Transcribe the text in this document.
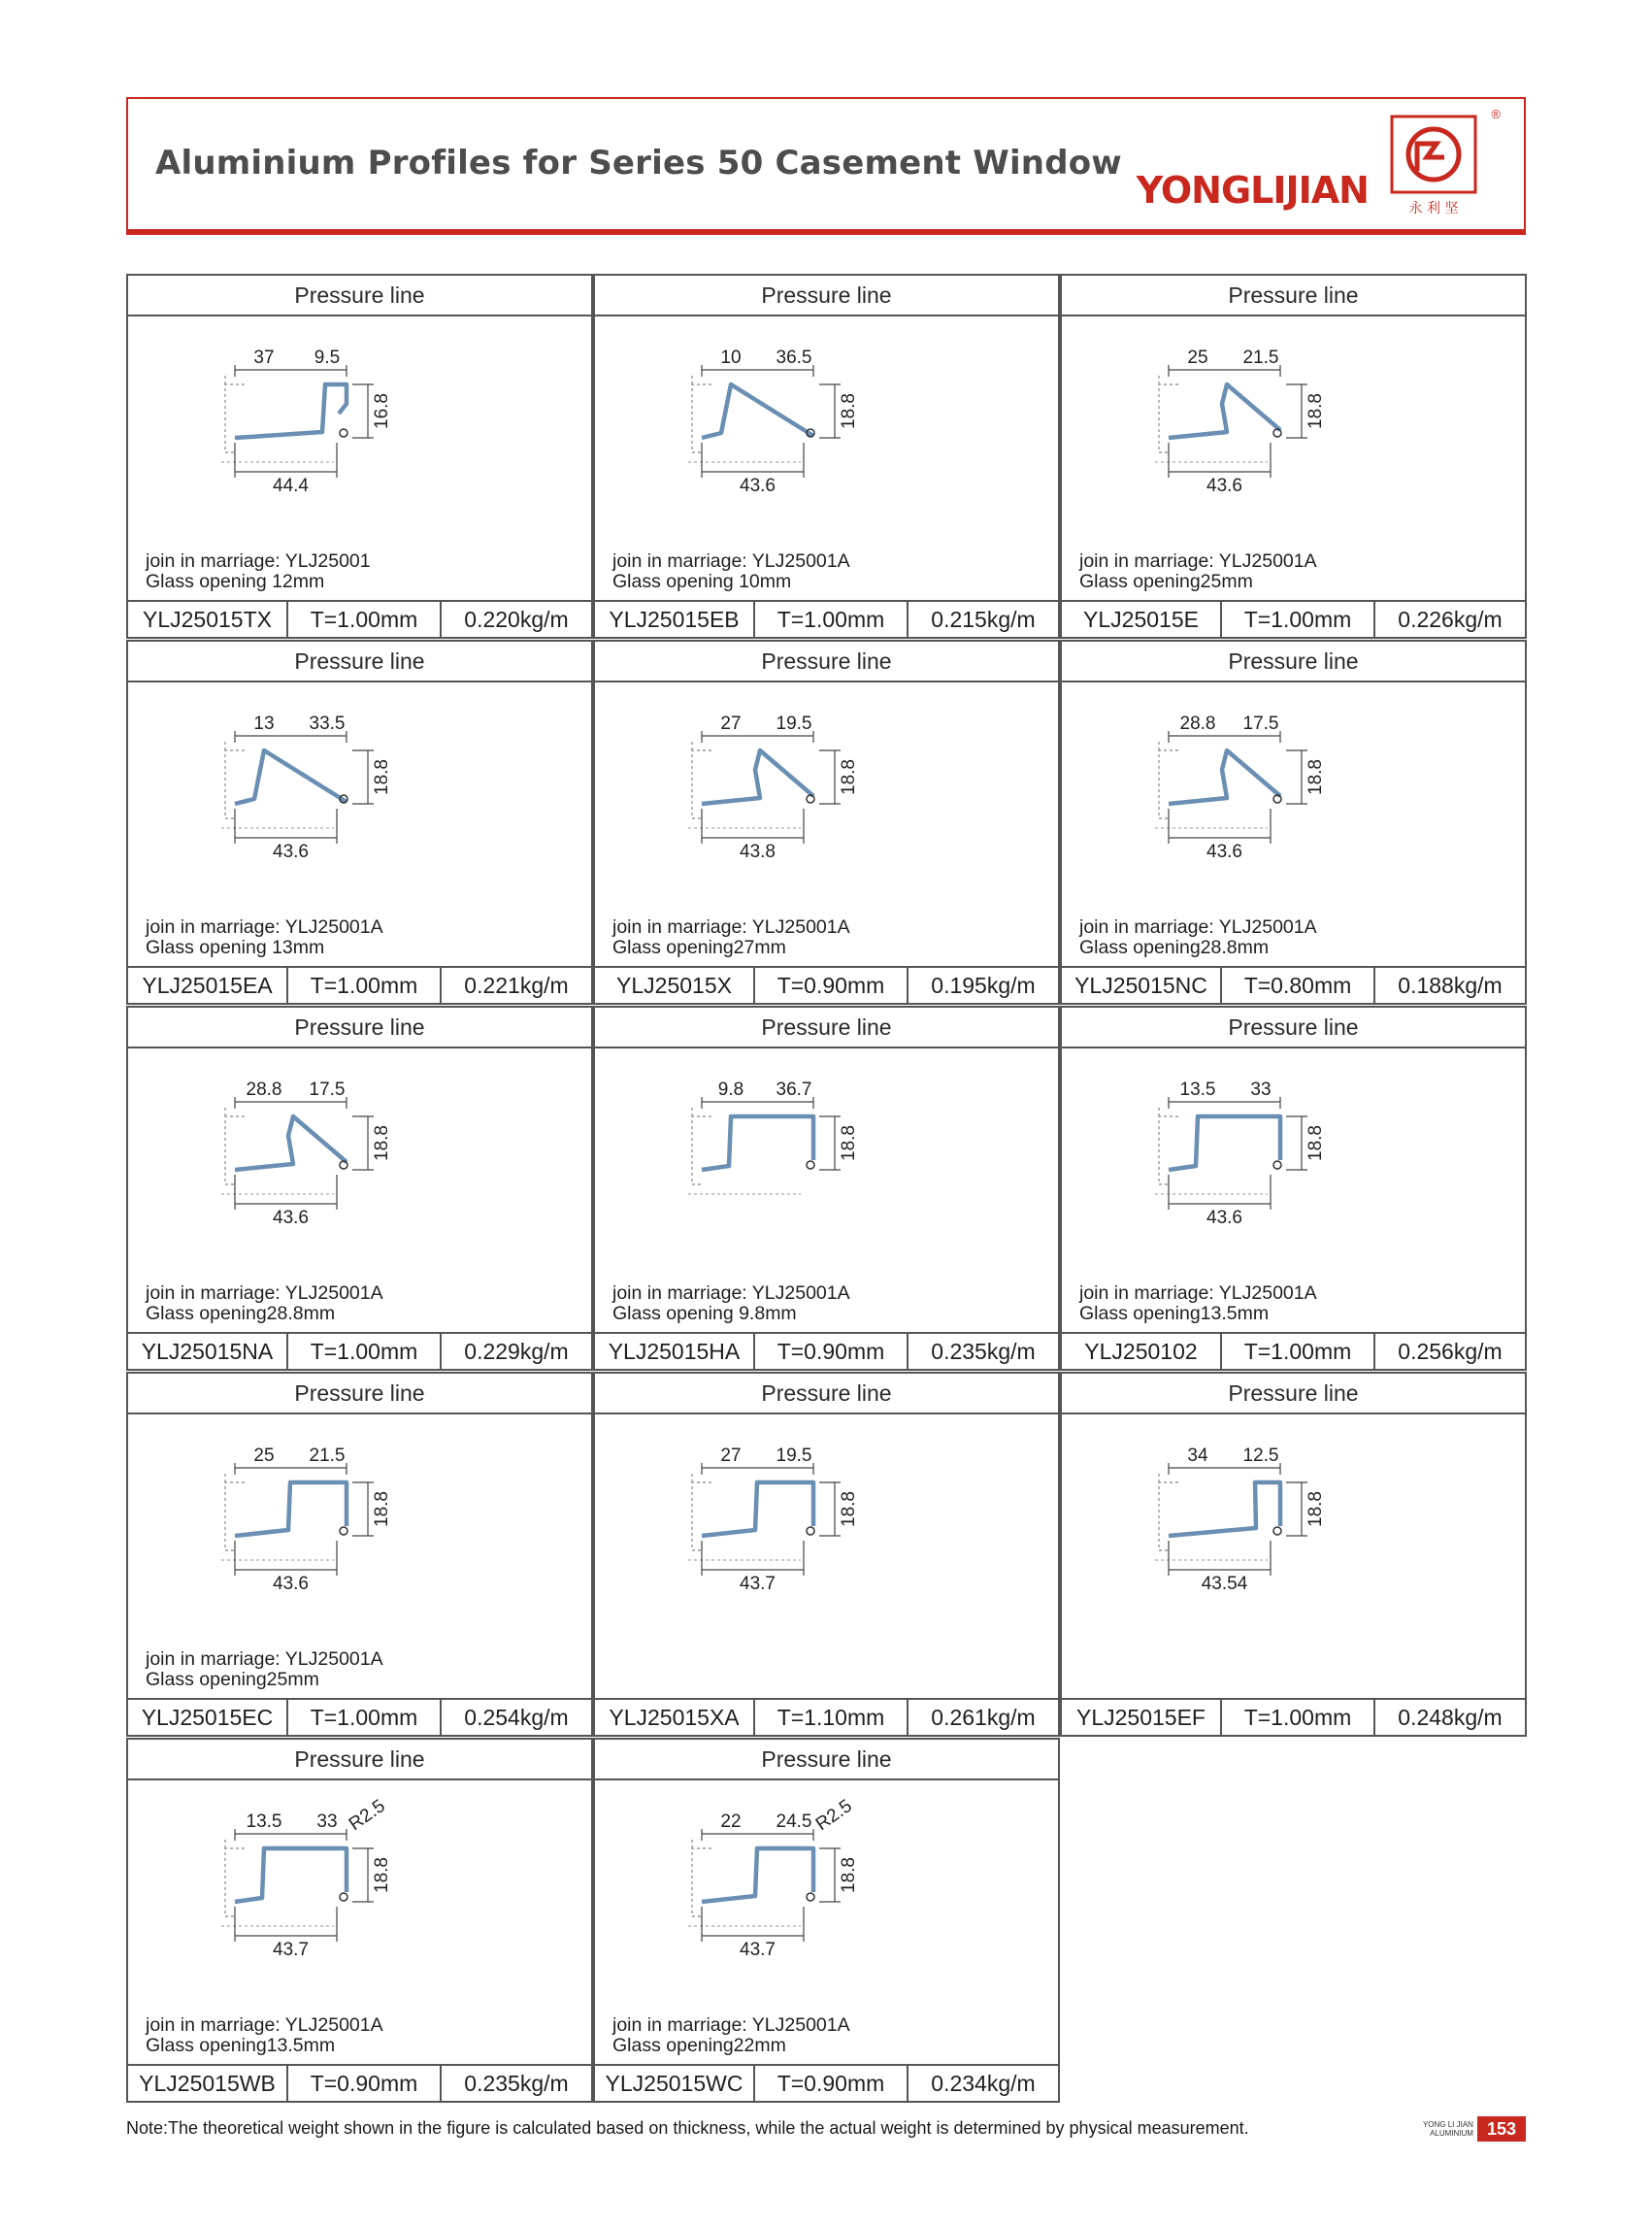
Aluminium Profiles for Series 50 Casement Window
YONGLIJIAN	永 利 坚
®
Pressure line
37 9.5
16.8
44.4
join in marriage: YLJ25001
Glass opening 12mm
YLJ25015TX	T=1.00mm	0.220kg/m
Pressure line
10 36.5
18.8
43.6
join in marriage: YLJ25001A
Glass opening 10mm
YLJ25015EB	T=1.00mm	0.215kg/m
Pressure line
25 21.5
18.8
43.6
join in marriage: YLJ25001A
Glass opening25mm
YLJ25015E	T=1.00mm	0.226kg/m
Pressure line
13 33.5
18.8
43.6
join in marriage: YLJ25001A
Glass opening 13mm
YLJ25015EA	T=1.00mm	0.221kg/m
Pressure line
27 19.5
18.8
43.8
join in marriage: YLJ25001A
Glass opening27mm
YLJ25015X	T=0.90mm	0.195kg/m
Pressure line
28.8 17.5
18.8
43.6
join in marriage: YLJ25001A
Glass opening28.8mm
YLJ25015NC	T=0.80mm	0.188kg/m
Pressure line
28.8 17.5
18.8
43.6
join in marriage: YLJ25001A
Glass opening28.8mm
YLJ25015NA	T=1.00mm	0.229kg/m
Pressure line
9.8 36.7
18.8
join in marriage: YLJ25001A
Glass opening 9.8mm
YLJ25015HA	T=0.90mm	0.235kg/m
Pressure line
13.5 33
18.8
43.6
join in marriage: YLJ25001A
Glass opening13.5mm
YLJ250102	T=1.00mm	0.256kg/m
Pressure line
25 21.5
18.8
43.6
join in marriage: YLJ25001A
Glass opening25mm
YLJ25015EC	T=1.00mm	0.254kg/m
Pressure line
27 19.5
18.8
43.7
YLJ25015XA	T=1.10mm	0.261kg/m
Pressure line
34 12.5
18.8
43.54
YLJ25015EF	T=1.00mm	0.248kg/m
Pressure line
13.5 33
18.8
43.7
R2.5
join in marriage: YLJ25001A
Glass opening13.5mm
YLJ25015WB	T=0.90mm	0.235kg/m
Pressure line
22 24.5
18.8
43.7
R2.5
join in marriage: YLJ25001A
Glass opening22mm
YLJ25015WC	T=0.90mm	0.234kg/m
Note:The theoretical weight shown in the figure is calculated based on thickness, while the actual weight is determined by physical measurement.	YONG LI JIAN
ALUMINIUM 153
